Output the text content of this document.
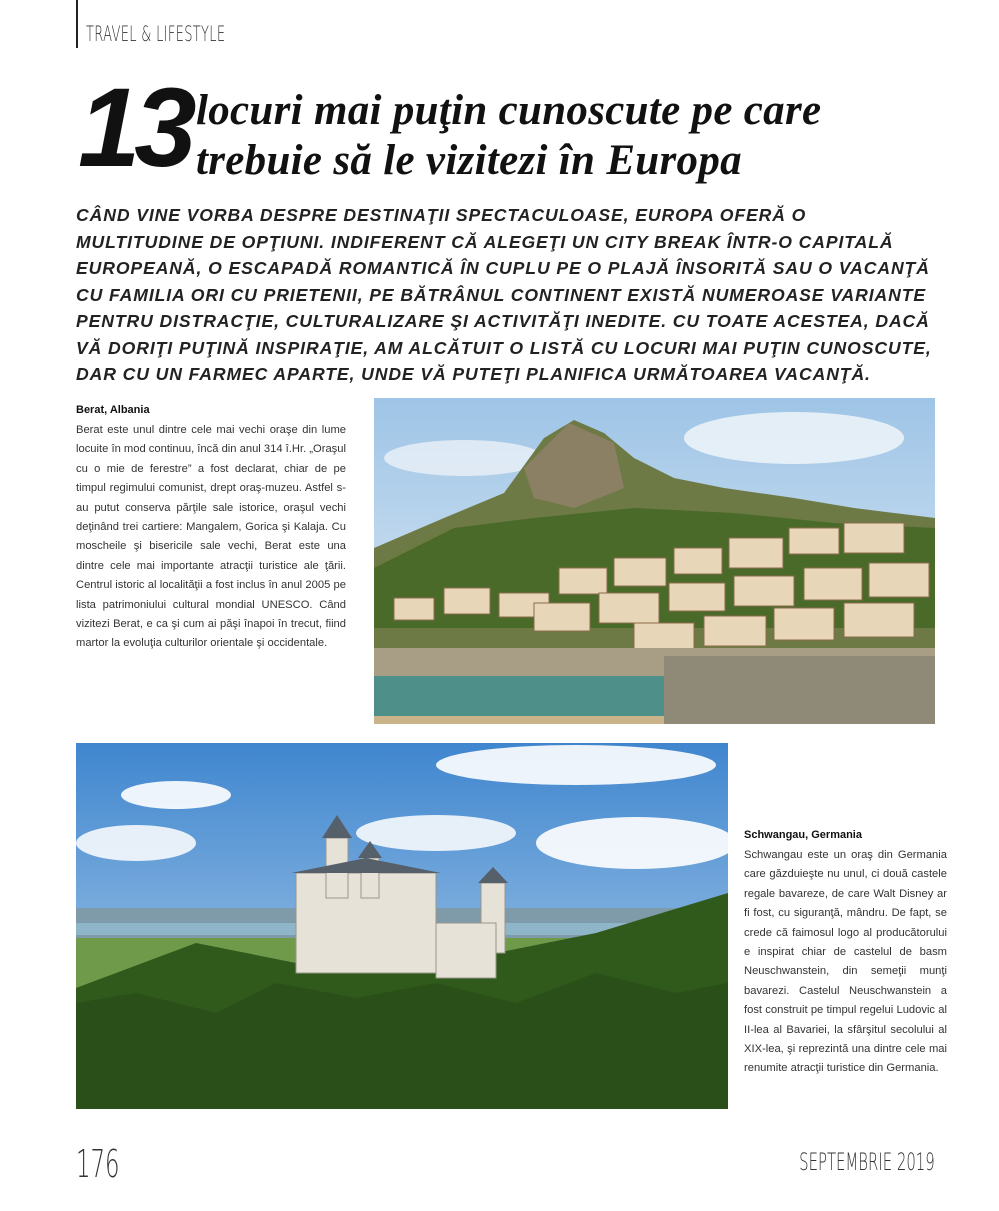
TRAVEL & LIFESTYLE
13 locuri mai puţin cunoscute pe care trebuie să le vizitezi în Europa
CÂND VINE VORBA DESPRE DESTINAŢII SPECTACULOASE, EUROPA OFERĂ O MULTITUDINE DE OPŢIUNI. INDIFERENT CĂ ALEGEŢI UN CITY BREAK ÎNTR-O CAPITALĂ EUROPEANĂ, O ESCAPADĂ ROMANTICĂ ÎN CUPLU PE O PLAJĂ ÎNSORITĂ SAU O VACANŢĂ CU FAMILIA ORI CU PRIETENII, PE BĂTRÂNUL CONTINENT EXISTĂ NUMEROASE VARIANTE PENTRU DISTRACŢIE, CULTURALIZARE ŞI ACTIVITĂŢI INEDITE. CU TOATE ACESTEA, DACĂ VĂ DORIŢI PUŢINĂ INSPIRAŢIE, AM ALCĂTUIT O LISTĂ CU LOCURI MAI PUŢIN CUNOSCUTE, DAR CU UN FARMEC APARTE, UNDE VĂ PUTEŢI PLANIFICA URMĂTOAREA VACANŢĂ.
Berat, Albania
Berat este unul dintre cele mai vechi oraşe din lume locuite în mod continuu, încă din anul 314 î.Hr. „Oraşul cu o mie de ferestre” a fost declarat, chiar de pe timpul regimului comunist, drept oraş-muzeu. Astfel s-au putut conserva părţile sale istorice, oraşul vechi deţinând trei cartiere: Mangalem, Gorica şi Kalaja. Cu moscheile şi bisericile sale vechi, Berat este una dintre cele mai importante atracţii turistice ale ţării. Centrul istoric al localităţii a fost inclus în anul 2005 pe lista patrimoniului cultural mondial UNESCO. Când vizitezi Berat, e ca şi cum ai păşi înapoi în trecut, fiind martor la evoluţia culturilor orientale şi occidentale.
Schwangau, Germania
Schwangau este un oraş din Germania care găzduieşte nu unul, ci două castele regale bavareze, de care Walt Disney ar fi fost, cu siguranţă, mândru. De fapt, se crede că faimosul logo al producătorului e inspirat chiar de castelul de basm Neuschwanstein, din semeţii munţi bavarezi. Castelul Neuschwanstein a fost construit pe timpul regelui Ludovic al II-lea al Bavariei, la sfârşitul secolului al XIX-lea, şi reprezintă una dintre cele mai renumite atracţii turistice din Germania.
176	SEPTEMBRIE 2019
